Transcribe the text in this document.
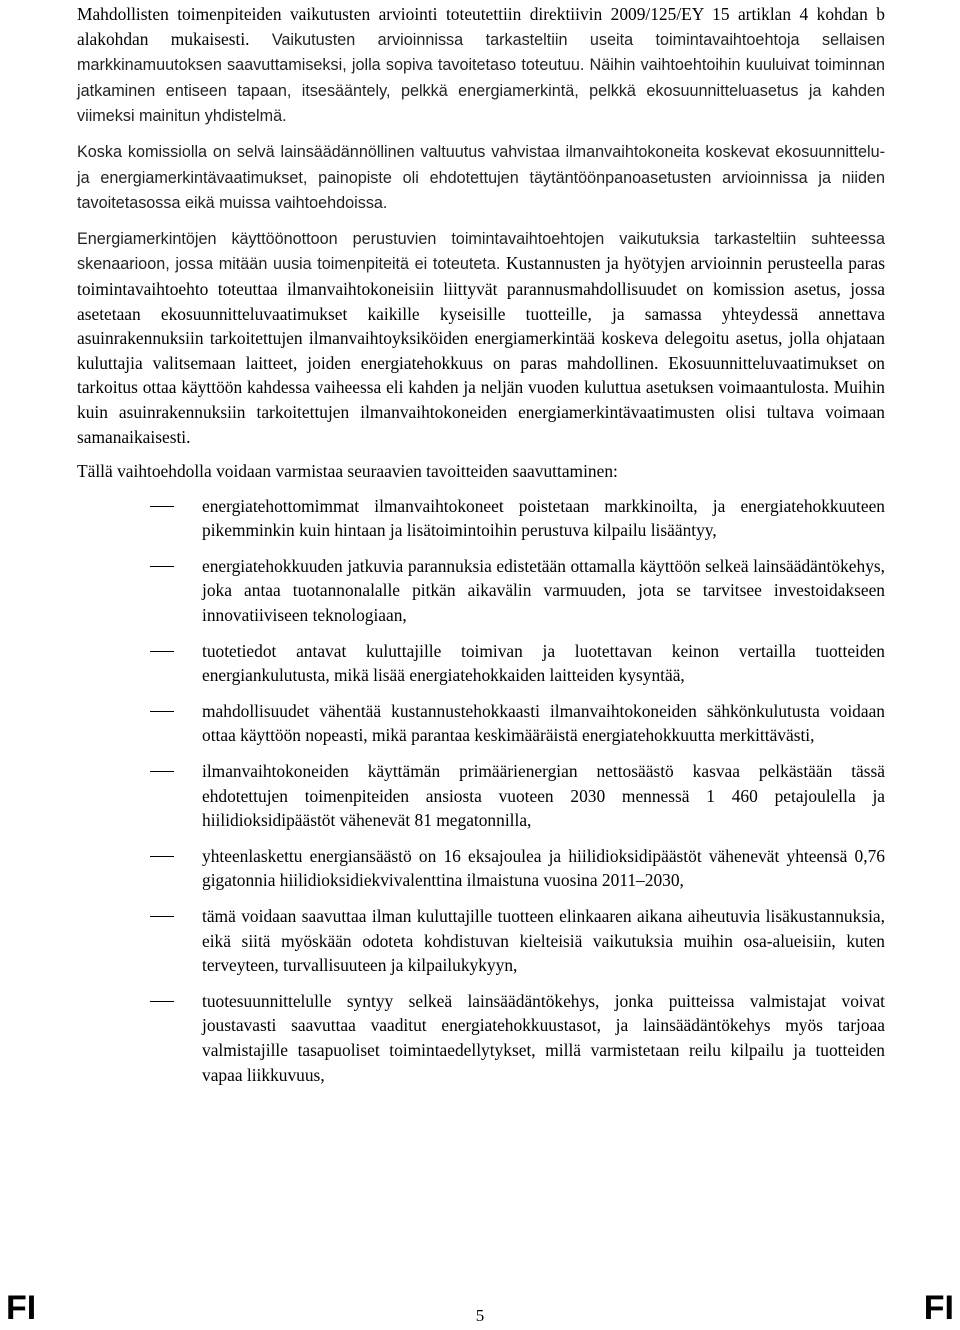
Mahdollisten toimenpiteiden vaikutusten arviointi toteutettiin direktiivin 2009/125/EY 15 artiklan 4 kohdan b alakohdan mukaisesti. Vaikutusten arvioinnissa tarkasteltiin useita toimintavaihtoehtoja sellaisen markkinamuutoksen saavuttamiseksi, jolla sopiva tavoitetaso toteutuu. Näihin vaihtoehtoihin kuuluivat toiminnan jatkaminen entiseen tapaan, itsesääntely, pelkkä energiamerkintä, pelkkä ekosuunnitteluasetus ja kahden viimeksi mainitun yhdistelmä.

Koska komissiolla on selvä lainsäädännöllinen valtuutus vahvistaa ilmanvaihtokoneita koskevat ekosuunnittelu- ja energiamerkintävaatimukset, painopiste oli ehdotettujen täytäntöönpanoasetusten arvioinnissa ja niiden tavoitetasossa eikä muissa vaihtoehdoissa.

Energiamerkintöjen käyttöönottoon perustuvien toimintavaihtoehtojen vaikutuksia tarkasteltiin suhteessa skenaarioon, jossa mitään uusia toimenpiteitä ei toteuteta. Kustannusten ja hyötyjen arvioinnin perusteella paras toimintavaihtoehto toteuttaa ilmanvaihtokoneisiin liittyvät parannusmahdollisuudet on komission asetus, jossa asetetaan ekosuunnitteluvaatimukset kaikille kyseisille tuotteille, ja samassa yhteydessä annettava asuinrakennuksiin tarkoitettujen ilmanvaihtoyksiköiden energiamerkintää koskeva delegoitu asetus, jolla ohjataan kuluttajia valitsemaan laitteet, joiden energiatehokkuus on paras mahdollinen. Ekosuunnitteluvaatimukset on tarkoitus ottaa käyttöön kahdessa vaiheessa eli kahden ja neljän vuoden kuluttua asetuksen voimaantulosta. Muihin kuin asuinrakennuksiin tarkoitettujen ilmanvaihtokoneiden energiamerkintävaatimusten olisi tultava voimaan samanaikaisesti.

Tällä vaihtoehdolla voidaan varmistaa seuraavien tavoitteiden saavuttaminen:

energiatehottomimmat ilmanvaihtokoneet poistetaan markkinoilta, ja energiatehokkuuteen pikemminkin kuin hintaan ja lisätoimintoihin perustuva kilpailu lisääntyy,
energiatehokkuuden jatkuvia parannuksia edistetään ottamalla käyttöön selkeä lainsäädäntökehys, joka antaa tuotannonalalle pitkän aikavälin varmuuden, jota se tarvitsee investoidakseen innovatiiviseen teknologiaan,
tuotetiedot antavat kuluttajille toimivan ja luotettavan keinon vertailla tuotteiden energiankulutusta, mikä lisää energiatehokkaiden laitteiden kysyntää,
mahdollisuudet vähentää kustannustehokkaasti ilmanvaihtokoneiden sähkönkulutusta voidaan ottaa käyttöön nopeasti, mikä parantaa keskimääräistä energiatehokkuutta merkittävästi,
ilmanvaihtokoneiden käyttämän primäärienergian nettosäästö kasvaa pelkästään tässä ehdotettujen toimenpiteiden ansiosta vuoteen 2030 mennessä 1 460 petajoulella ja hiilidioksidipäästöt vähenevät 81 megatonnilla,
yhteenlaskettu energiansäästö on 16 eksajoulea ja hiilidioksidipäästöt vähenevät yhteensä 0,76 gigatonnia hiilidioksidiekvivalenttina ilmaistuna vuosina 2011–2030,
tämä voidaan saavuttaa ilman kuluttajille tuotteen elinkaaren aikana aiheutuvia lisäkustannuksia, eikä siitä myöskään odoteta kohdistuvan kielteisiä vaikutuksia muihin osa-alueisiin, kuten terveyteen, turvallisuuteen ja kilpailukykyyn,
tuotesuunnittelulle syntyy selkeä lainsäädäntökehys, jonka puitteissa valmistajat voivat joustavasti saavuttaa vaaditut energiatehokkuustasot, ja lainsäädäntökehys myös tarjoaa valmistajille tasapuoliset toimintaedellytykset, millä varmistetaan reilu kilpailu ja tuotteiden vapaa liikkuvuus,
FI	5	FI
